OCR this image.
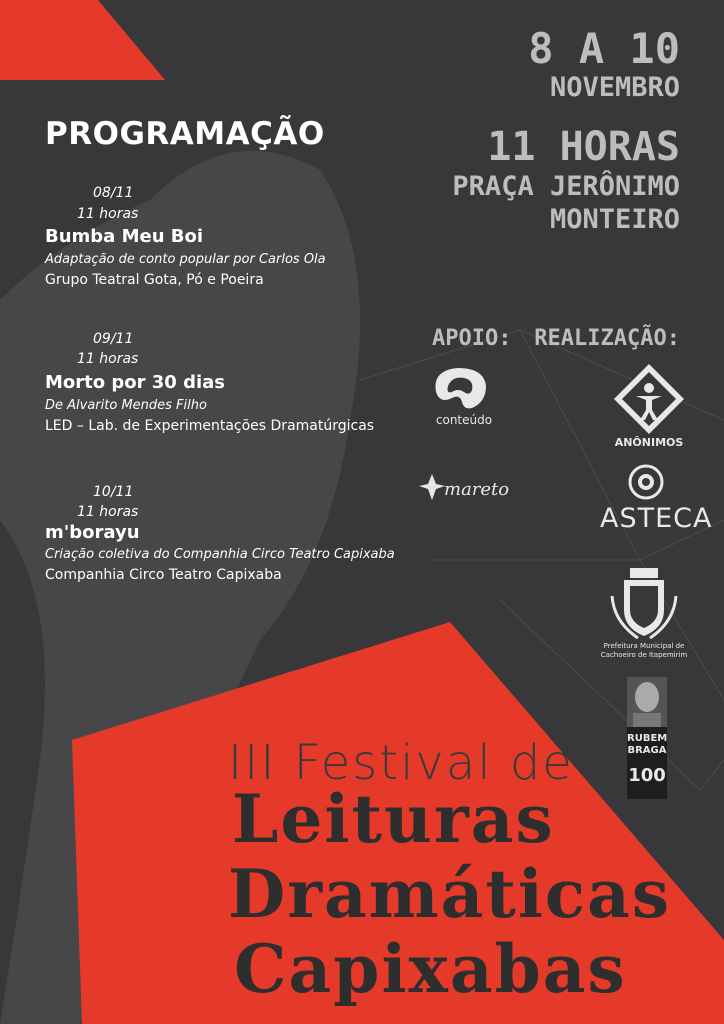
8 A 10
NOVEMBRO
11 HORAS
PRAÇA JERÔNIMO
MONTEIRO
PROGRAMAÇÃO
08/11
11 horas
Bumba Meu Boi
Adaptação de conto popular por Carlos Ola
Grupo Teatral Gota, Pó e Poeira
09/11
11 horas
Morto por 30 dias
De Alvarito Mendes Filho
LED – Lab. de Experimentações Dramatúrgicas
10/11
11 horas
m'borayu
Criação coletiva do Companhia Circo Teatro Capixaba
Companhia Circo Teatro Capixaba
APOIO: REALIZAÇÃO:
conteúdo
mareto
ANÔNIMOS
ASTECA
Prefeitura Municipal de Cachoeiro de Itapemirim
RUBEM
BRAGA
100
III Festival de
Leituras
Dramáticas
Capixabas
